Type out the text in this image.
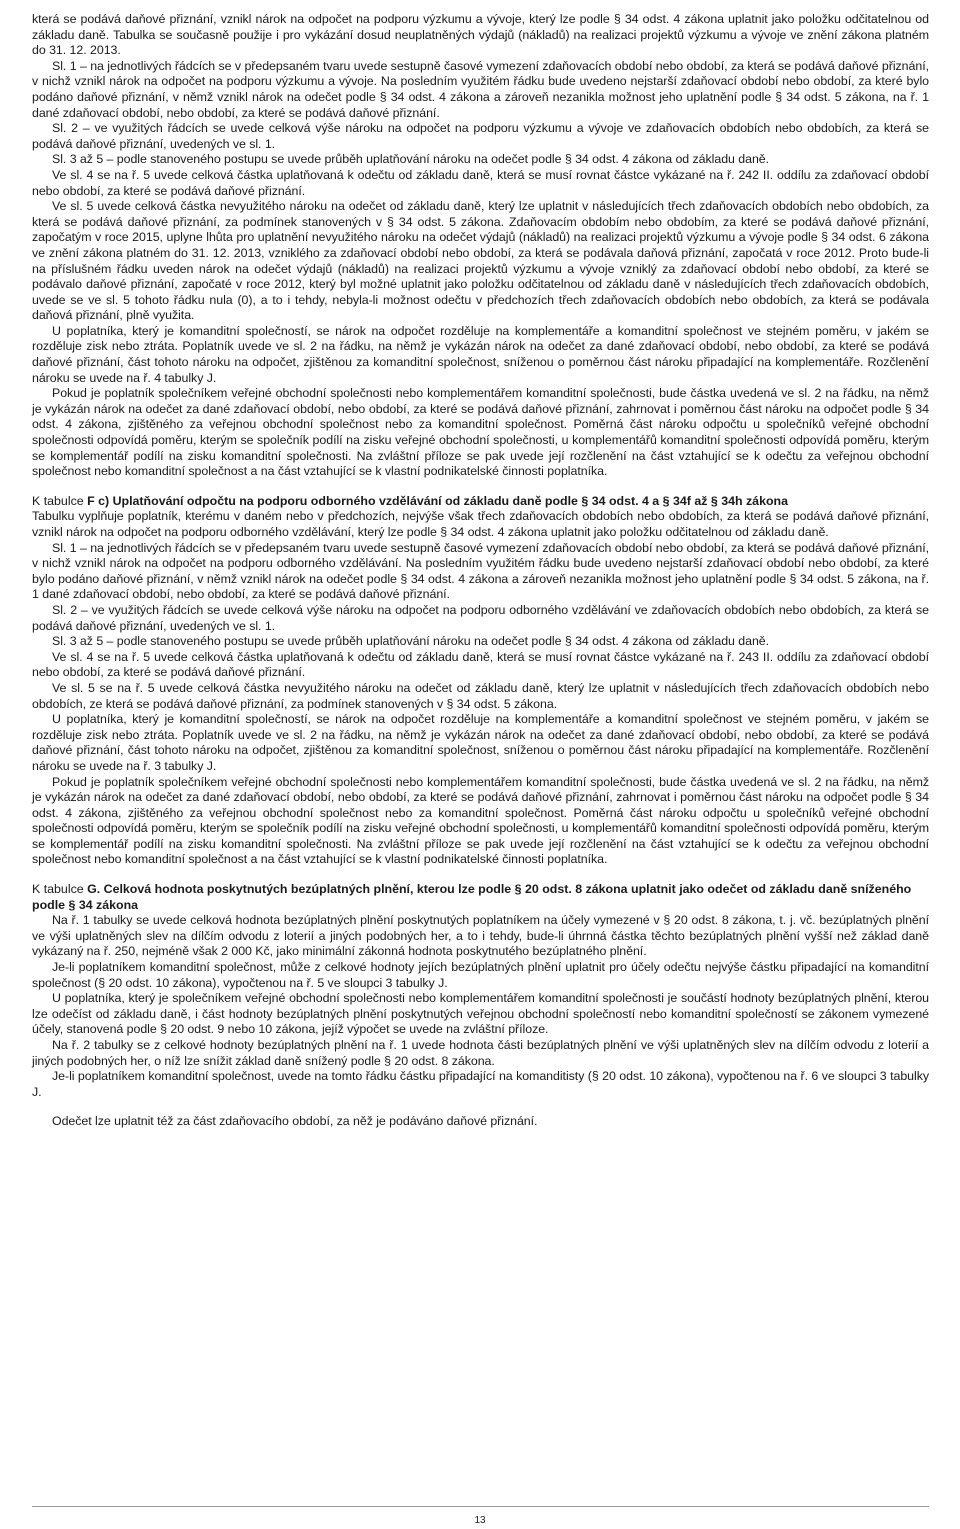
která se podává daňové přiznání, vznikl nárok na odpočet na podporu výzkumu a vývoje, který lze podle § 34 odst. 4 zákona uplatnit jako položku odčitatelnou od základu daně. Tabulka se současně použije i pro vykázání dosud neuplatněných výdajů (nákladů) na realizaci projektů výzkumu a vývoje ve znění zákona platném do 31. 12. 2013.

Sl. 1 – na jednotlivých řádcích se v předepsaném tvaru uvede sestupně časové vymezení zdaňovacích období nebo období, za která se podává daňové přiznání, v nichž vznikl nárok na odpočet na podporu výzkumu a vývoje. Na posledním využitém řádku bude uvedeno nejstarší zdaňovací období nebo období, za které bylo podáno daňové přiznání, v němž vznikl nárok na odečet podle § 34 odst. 4 zákona a zároveň nezanikla možnost jeho uplatnění podle § 34 odst. 5 zákona, na ř. 1 dané zdaňovací období, nebo období, za které se podává daňové přiznání.

Sl. 2 – ve využitých řádcích se uvede celková výše nároku na odpočet na podporu výzkumu a vývoje ve zdaňovacích obdobích nebo obdobích, za která se podává daňové přiznání, uvedených ve sl. 1.

Sl. 3 až 5 – podle stanoveného postupu se uvede průběh uplatňování nároku na odečet podle § 34 odst. 4 zákona od základu daně.

Ve sl. 4 se na ř. 5 uvede celková částka uplatňovaná k odečtu od základu daně, která se musí rovnat částce vykázané na ř. 242 II. oddílu za zdaňovací období nebo období, za které se podává daňové přiznání.

Ve sl. 5 uvede celková částka nevyužitého nároku na odečet od základu daně, který lze uplatnit v následujících třech zdaňovacích obdobích nebo obdobích, za která se podává daňové přiznání, za podmínek stanovených v § 34 odst. 5 zákona. Zdaňovacím obdobím nebo obdobím, za které se podává daňové přiznání, započatým v roce 2015, uplyne lhůta pro uplatnění nevyužitého nároku na odečet výdajů (nákladů) na realizaci projektů výzkumu a vývoje podle § 34 odst. 6 zákona ve znění zákona platném do 31. 12. 2013, vzniklého za zdaňovací období nebo období, za která se podávala daňová přiznání, započatá v roce 2012. Proto bude-li na příslušném řádku uveden nárok na odečet výdajů (nákladů) na realizaci projektů výzkumu a vývoje vzniklý za zdaňovací období nebo období, za které se podávalo daňové přiznání, započaté v roce 2012, který byl možné uplatnit jako položku odčitatelnou od základu daně v následujících třech zdaňovacích obdobích, uvede se ve sl. 5 tohoto řádku nula (0), a to i tehdy, nebyla-li možnost odečtu v předchozích třech zdaňovacích obdobích nebo obdobích, za která se podávala daňová přiznání, plně využita.

U poplatníka, který je komanditní společností, se nárok na odpočet rozděluje na komplementáře a komanditní společnost ve stejném poměru, v jakém se rozděluje zisk nebo ztráta. Poplatník uvede ve sl. 2 na řádku, na němž je vykázán nárok na odečet za dané zdaňovací období, nebo období, za které se podává daňové přiznání, část tohoto nároku na odpočet, zjištěnou za komanditní společnost, sníženou o poměrnou část nároku připadající na komplementáře. Rozčlenění nároku se uvede na ř. 4 tabulky J.

Pokud je poplatník společníkem veřejné obchodní společnosti nebo komplementářem komanditní společnosti, bude částka uvedená ve sl. 2 na řádku, na němž je vykázán nárok na odečet za dané zdaňovací období, nebo období, za které se podává daňové přiznání, zahrnovat i poměrnou část nároku na odpočet podle § 34 odst. 4 zákona, zjištěného za veřejnou obchodní společnost nebo za komanditní společnost. Poměrná část nároku odpočtu u společníků veřejné obchodní společnosti odpovídá poměru, kterým se společník podílí na zisku veřejné obchodní společnosti, u komplementářů komanditní společnosti odpovídá poměru, kterým se komplementář podílí na zisku komanditní společnosti. Na zvláštní příloze se pak uvede její rozčlenění na část vztahující se k odečtu za veřejnou obchodní společnost nebo komanditní společnost a na část vztahující se k vlastní podnikatelské činnosti poplatníka.

K tabulce F c) Uplatňování odpočtu na podporu odborného vzdělávání od základu daně podle § 34 odst. 4 a § 34f až § 34h zákona

Tabulku vyplňuje poplatník, kterému v daném nebo v předchozích, nejvýše však třech zdaňovacích obdobích nebo obdobích, za která se podává daňové přiznání, vznikl nárok na odpočet na podporu odborného vzdělávání, který lze podle § 34 odst. 4 zákona uplatnit jako položku odčitatelnou od základu daně.

Sl. 1 – na jednotlivých řádcích se v předepsaném tvaru uvede sestupně časové vymezení zdaňovacích období nebo období, za která se podává daňové přiznání, v nichž vznikl nárok na odpočet na podporu odborného vzdělávání. Na posledním využitém řádku bude uvedeno nejstarší zdaňovací období nebo období, za které bylo podáno daňové přiznání, v němž vznikl nárok na odečet podle § 34 odst. 4 zákona a zároveň nezanikla možnost jeho uplatnění podle § 34 odst. 5 zákona, na ř. 1 dané zdaňovací období, nebo období, za které se podává daňové přiznání.

Sl. 2 – ve využitých řádcích se uvede celková výše nároku na odpočet na podporu odborného vzdělávání ve zdaňovacích obdobích nebo obdobích, za která se podává daňové přiznání, uvedených ve sl. 1.

Sl. 3 až 5 – podle stanoveného postupu se uvede průběh uplatňování nároku na odečet podle § 34 odst. 4 zákona od základu daně.

Ve sl. 4 se na ř. 5 uvede celková částka uplatňovaná k odečtu od základu daně, která se musí rovnat částce vykázané na ř. 243 II. oddílu za zdaňovací období nebo období, za které se podává daňové přiznání.

Ve sl. 5 se na ř. 5 uvede celková částka nevyužitého nároku na odečet od základu daně, který lze uplatnit v následujících třech zdaňovacích obdobích nebo obdobích, ze která se podává daňové přiznání, za podmínek stanovených v § 34 odst. 5 zákona.

U poplatníka, který je komanditní společností, se nárok na odpočet rozděluje na komplementáře a komanditní společnost ve stejném poměru, v jakém se rozděluje zisk nebo ztráta. Poplatník uvede ve sl. 2 na řádku, na němž je vykázán nárok na odečet za dané zdaňovací období, nebo období, za které se podává daňové přiznání, část tohoto nároku na odpočet, zjištěnou za komanditní společnost, sníženou o poměrnou část nároku připadající na komplementáře. Rozčlenění nároku se uvede na ř. 3 tabulky J.

Pokud je poplatník společníkem veřejné obchodní společnosti nebo komplementářem komanditní společnosti, bude částka uvedená ve sl. 2 na řádku, na němž je vykázán nárok na odečet za dané zdaňovací období, nebo období, za které se podává daňové přiznání, zahrnovat i poměrnou část nároku na odpočet podle § 34 odst. 4 zákona, zjištěného za veřejnou obchodní společnost nebo za komanditní společnost. Poměrná část nároku odpočtu u společníků veřejné obchodní společnosti odpovídá poměru, kterým se společník podílí na zisku veřejné obchodní společnosti, u komplementářů komanditní společnosti odpovídá poměru, kterým se komplementář podílí na zisku komanditní společnosti. Na zvláštní příloze se pak uvede její rozčlenění na část vztahující se k odečtu za veřejnou obchodní společnost nebo komanditní společnost a na část vztahující se k vlastní podnikatelské činnosti poplatníka.

K tabulce G. Celková hodnota poskytnutých bezúplatných plnění, kterou lze podle § 20 odst. 8 zákona uplatnit jako odečet od základu daně sníženého podle § 34 zákona

Na ř. 1 tabulky se uvede celková hodnota bezúplatných plnění poskytnutých poplatníkem na účely vymezené v § 20 odst. 8 zákona, t. j. vč. bezúplatných plnění ve výši uplatněných slev na dílčím odvodu z loterií a jiných podobných her, a to i tehdy, bude-li úhrnná částka těchto bezúplatných plnění vyšší než základ daně vykázaný na ř. 250, nejméně však 2 000 Kč, jako minimální zákonná hodnota poskytnutého bezúplatného plnění.

Je-li poplatníkem komanditní společnost, může z celkové hodnoty jejích bezúplatných plnění uplatnit pro účely odečtu nejvýše částku připadající na komanditní společnost (§ 20 odst. 10 zákona), vypočtenou na ř. 5 ve sloupci 3 tabulky J.

U poplatníka, který je společníkem veřejné obchodní společnosti nebo komplementářem komanditní společnosti je součástí hodnoty bezúplatných plnění, kterou lze odečíst od základu daně, i část hodnoty bezúplatných plnění poskytnutých veřejnou obchodní společností nebo komanditní společností se zákonem vymezené účely, stanovená podle § 20 odst. 9 nebo 10 zákona, jejíž výpočet se uvede na zvláštní příloze.

Na ř. 2 tabulky se z celkové hodnoty bezúplatných plnění na ř. 1 uvede hodnota části bezúplatných plnění ve výši uplatněných slev na dílčím odvodu z loterií a jiných podobných her, o níž lze snížit základ daně snížený podle § 20 odst. 8 zákona.

Je-li poplatníkem komanditní společnost, uvede na tomto řádku částku připadající na komanditisty (§ 20 odst. 10 zákona), vypočtenou na ř. 6 ve sloupci 3 tabulky J.

Odečet lze uplatnit též za část zdaňovacího období, za něž je podáváno daňové přiznání.

13
